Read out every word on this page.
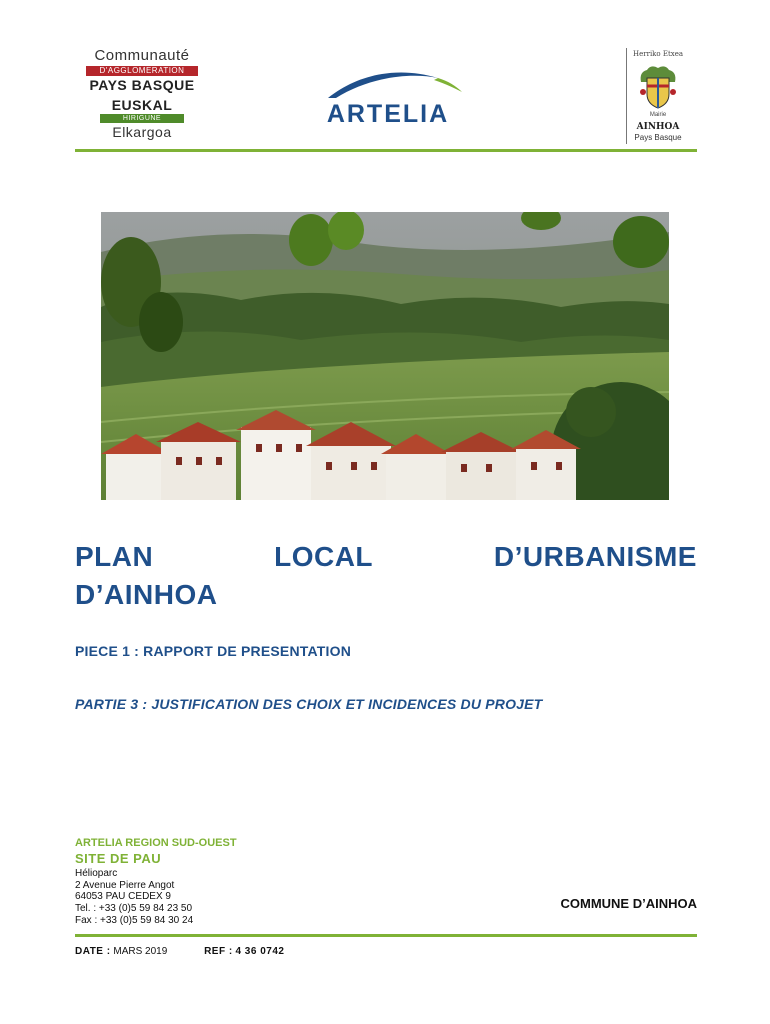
Communauté
D'AGGLOMERATION
PAYS BASQUE
EUSKAL
HIRIGUNE
Elkargoa
ARTELIA
Herriko Etxea
Mairie
AINHOA
Pays Basque
PLAN	LOCAL	D’URBANISME
D’AINHOA
PIECE 1 : RAPPORT DE PRESENTATION
PARTIE 3 : JUSTIFICATION DES CHOIX ET INCIDENCES DU PROJET
ARTELIA REGION SUD-OUEST
SITE DE PAU
Hélioparc
2 Avenue Pierre Angot
64053 PAU CEDEX 9
Tel. : +33 (0)5 59 84 23 50
Fax : +33 (0)5 59 84 30 24
COMMUNE D’AINHOA
DATE : MARS 2019	REF : 4 36 0742
